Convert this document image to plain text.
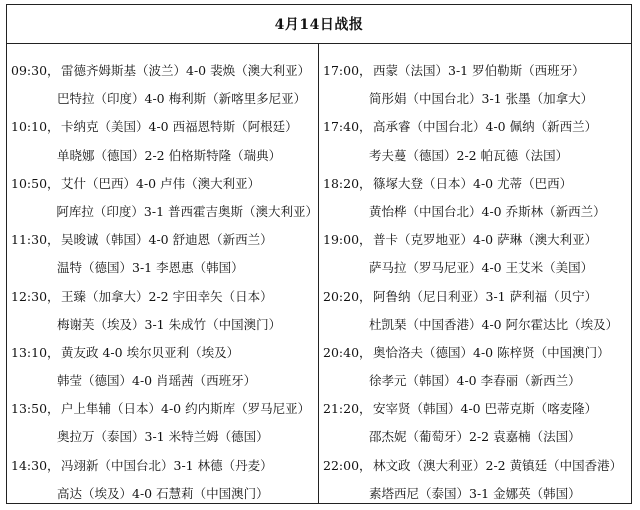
4月14日战报
09:30， 雷德齐姆斯基（波兰）4-0 裴焕（澳大利亚）
巴特拉（印度）4-0 梅利斯（新喀里多尼亚）
10:10， 卡纳克（美国）4-0 西福恩特斯（阿根廷）
单晓娜（德国）2-2 伯格斯特隆（瑞典）
10:50， 艾什（巴西）4-0 卢伟（澳大利亚）
阿库拉（印度）3-1 普西霍吉奥斯（澳大利亚）
11:30， 吴晙诚（韩国）4-0 舒迪恩（新西兰）
温特（德国）3-1 李恩惠（韩国）
12:30， 王臻（加拿大）2-2 宇田幸矢（日本）
梅谢芙（埃及）3-1 朱成竹（中国澳门）
13:10， 黄友政 4-0 埃尔贝亚利（埃及）
韩莹（德国）4-0 肖瑶茜（西班牙）
13:50， 户上隼辅（日本）4-0 约内斯库（罗马尼亚）
奥拉万（泰国）3-1 米特兰姆（德国）
14:30， 冯翊新（中国台北）3-1 林德（丹麦）
高达（埃及）4-0 石慧莉（中国澳门）
17:00， 西蒙（法国）3-1 罗伯勒斯（西班牙）
简彤娟（中国台北）3-1 张墨（加拿大）
17:40， 高承睿（中国台北）4-0 佩纳（新西兰）
考夫蔓（德国）2-2 帕瓦德（法国）
18:20， 篠塚大登（日本）4-0 尤蒂（巴西）
黄怡桦（中国台北）4-0 乔斯林（新西兰）
19:00， 普卡（克罗地亚）4-0 萨琳（澳大利亚）
萨马拉（罗马尼亚）4-0 王艾米（美国）
20:20， 阿鲁纳（尼日利亚）3-1 萨利福（贝宁）
杜凯琹（中国香港）4-0 阿尔霍达比（埃及）
20:40， 奥恰洛夫（德国）4-0 陈梓贤（中国澳门）
徐孝元（韩国）4-0 李春丽（新西兰）
21:20， 安宰贤（韩国）4-0 巴蒂克斯（喀麦隆）
邵杰妮（葡萄牙）2-2 袁嘉楠（法国）
22:00， 林文政（澳大利亚）2-2 黄镇廷（中国香港）
素塔西尼（泰国）3-1 金娜英（韩国）
